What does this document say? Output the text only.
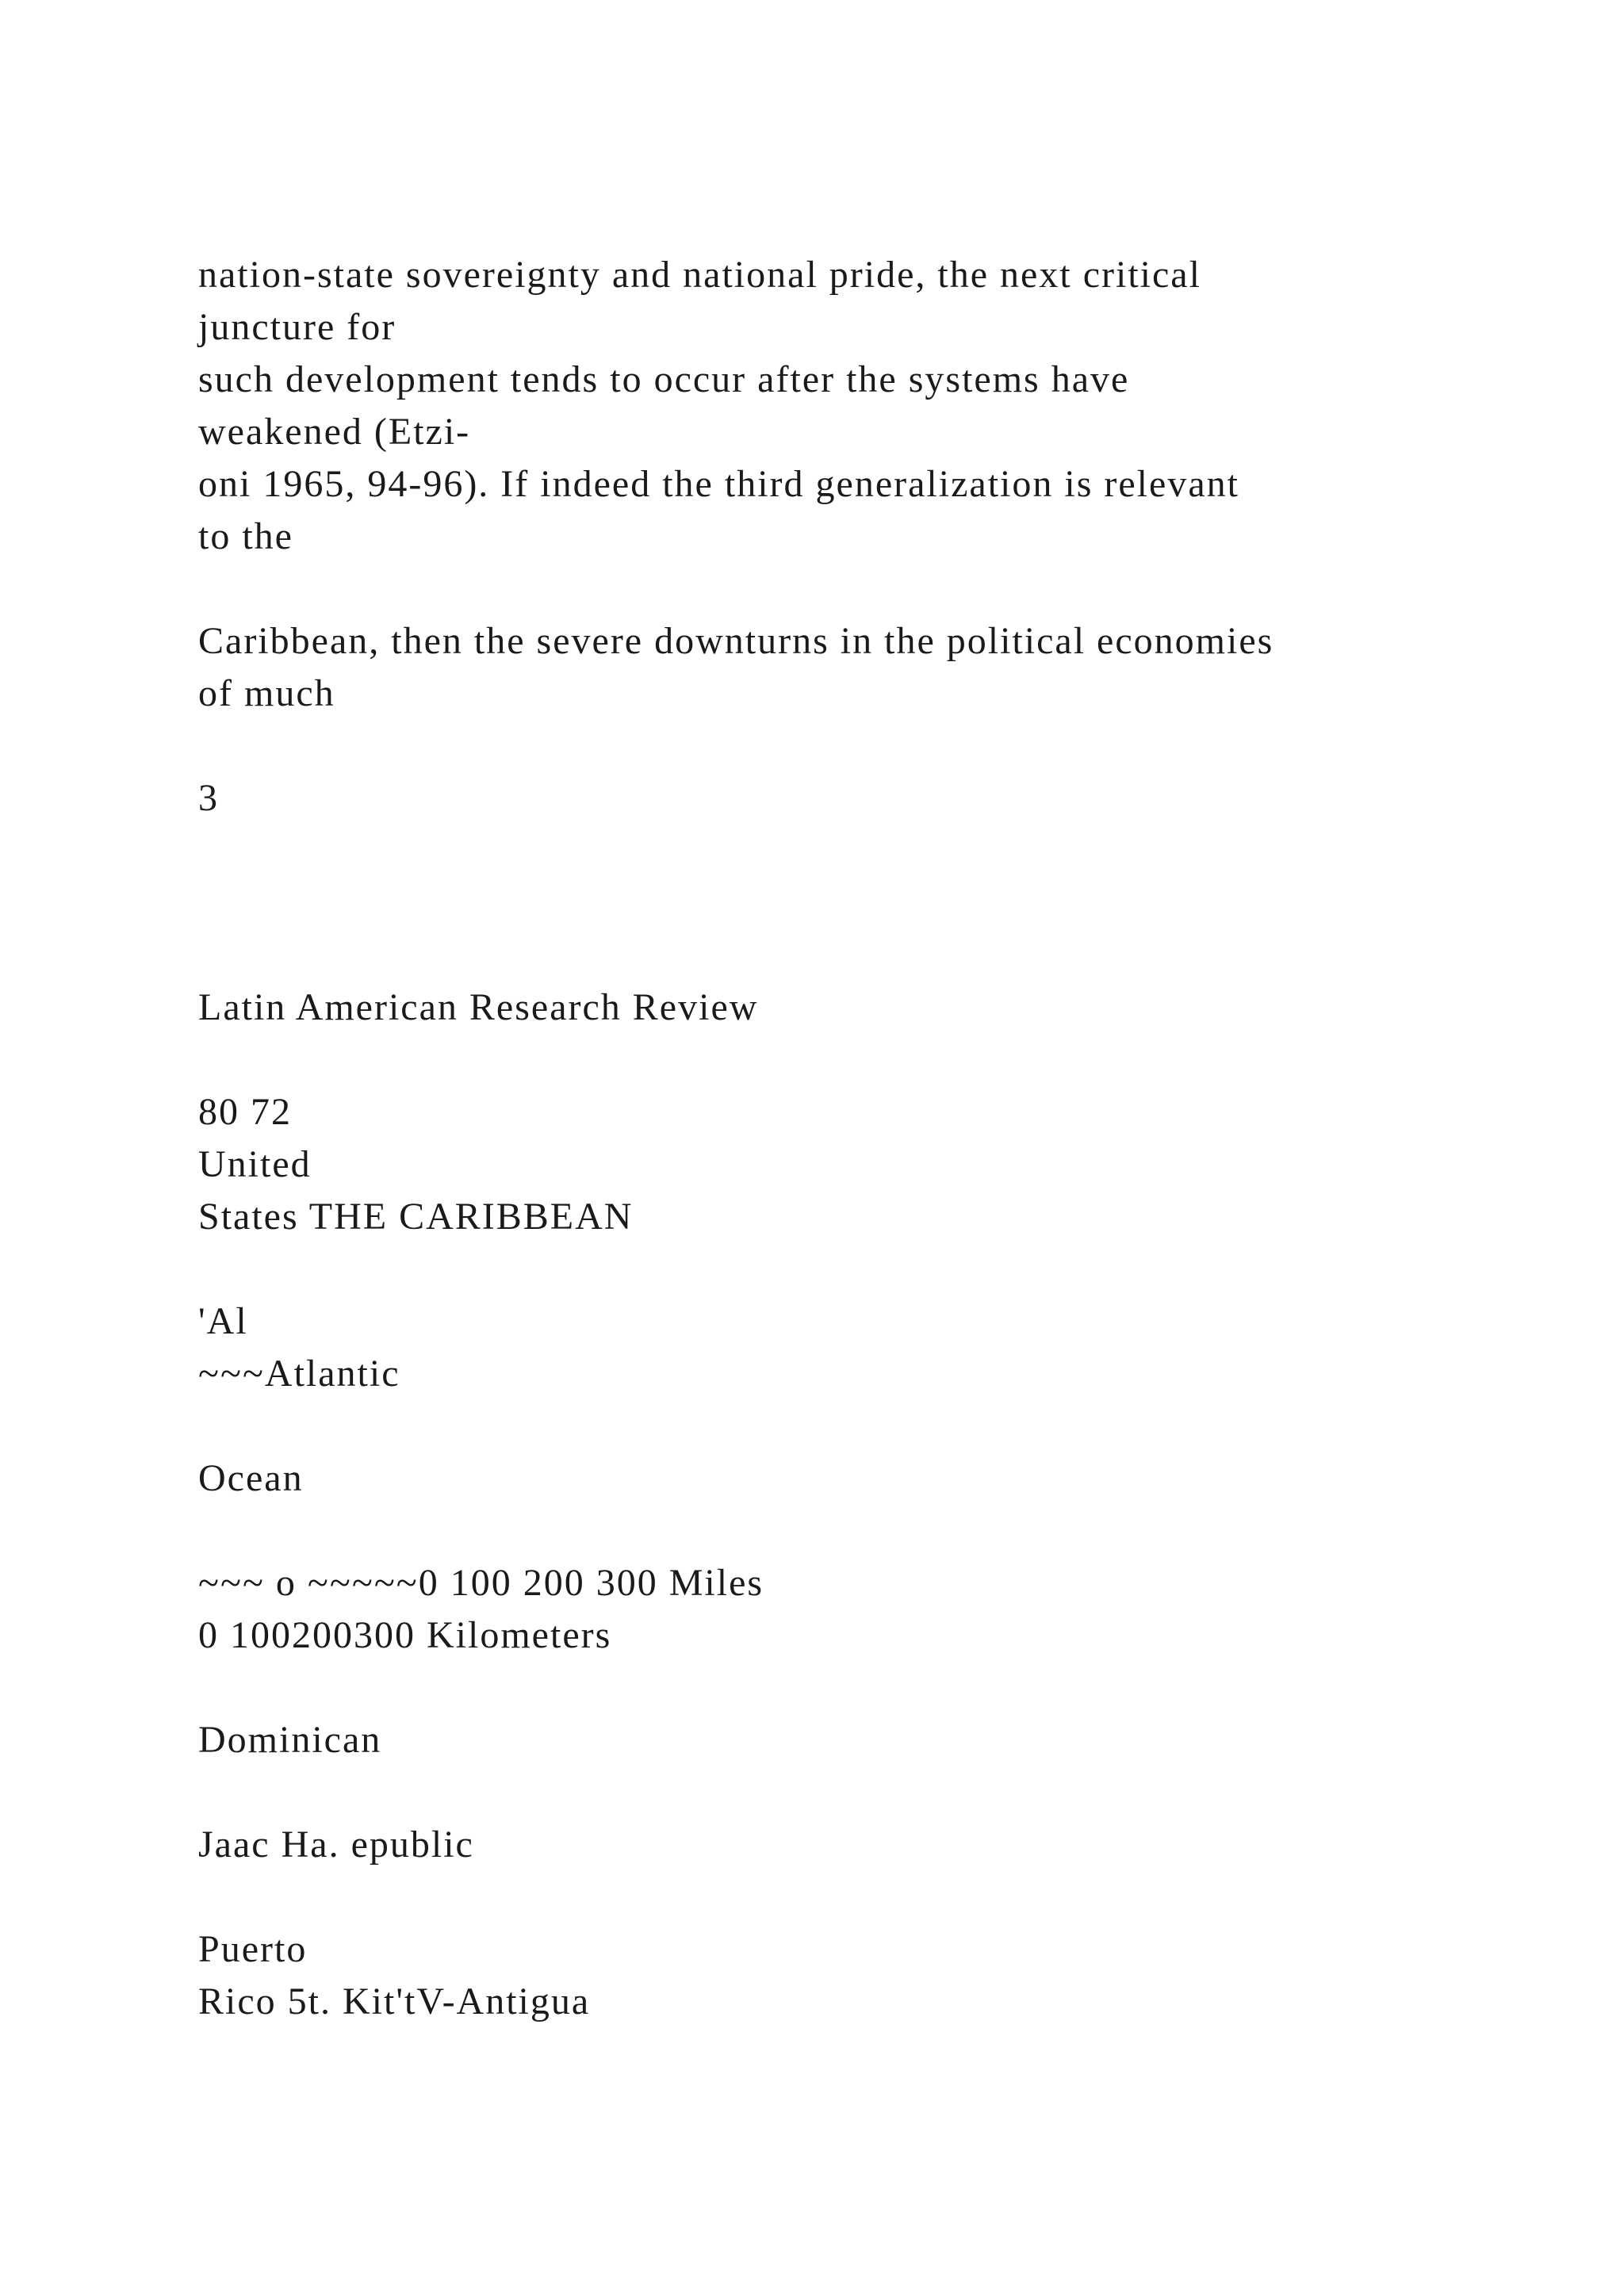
nation-state sovereignty and national pride, the next critical
juncture for
such development tends to occur after the systems have
weakened (Etzi-
oni 1965, 94-96). If indeed the third generalization is relevant
to the
Caribbean, then the severe downturns in the political economies
of much
3
Latin American Research Review
80 72
United
States THE CARIBBEAN
'Al
~~~Atlantic
Ocean
~~~ o ~~~~~0 100 200 300 Miles
0 100200300 Kilometers
Dominican
Jaac Ha. epublic
Puerto
Rico 5t. Kit'tV-Antigua
